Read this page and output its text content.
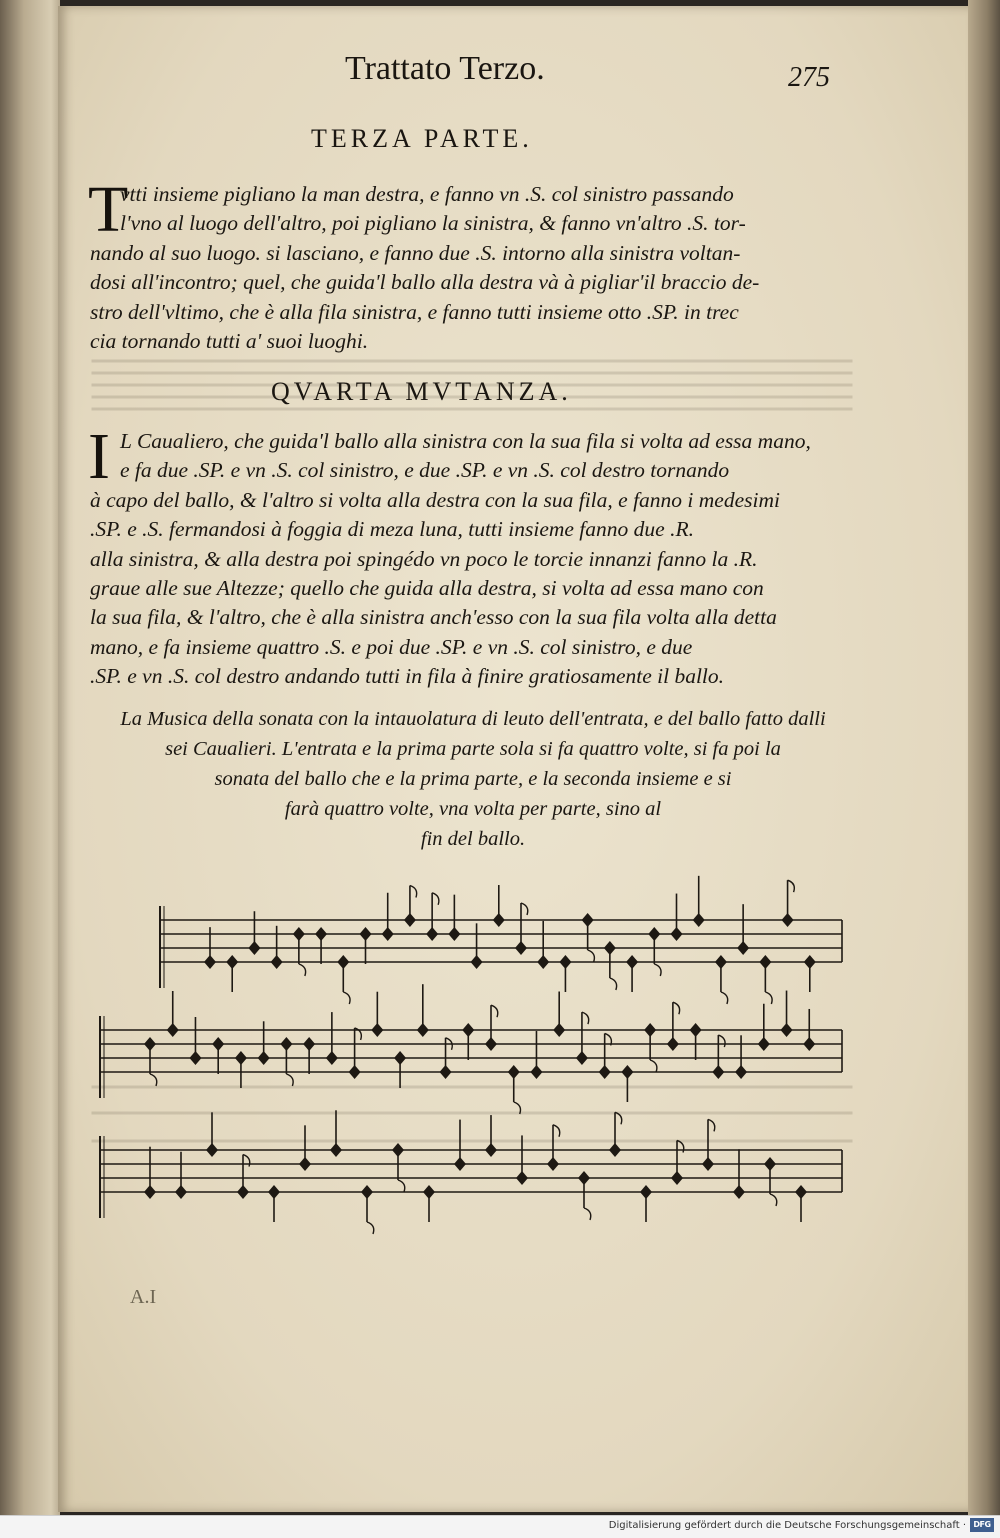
Trattato Terzo.	275
TERZA PARTE.
T
vtti insieme pigliano la man destra, e fanno vn .S. col sinistro passando
l'vno al luogo dell'altro, poi pigliano la sinistra, & fanno vn'altro .S. tor-
nando al suo luogo. si lasciano, e fanno due .S. intorno alla sinistra voltan-
dosi all'incontro; quel, che guida'l ballo alla destra và à pigliar'il braccio de-
stro dell'vltimo, che è alla fila sinistra, e fanno tutti insieme otto .SP. in trec
cia tornando tutti a' suoi luoghi.
QVARTA MVTANZA.
I L Caualiero, che guida'l ballo alla sinistra con la sua fila si volta ad essa mano,
e fa due .SP. e vn .S. col sinistro, e due .SP. e vn .S. col destro tornando
à capo del ballo, & l'altro si volta alla destra con la sua fila, e fanno i medesimi
.SP. e .S. fermandosi à foggia di meza luna, tutti insieme fanno due .R.
alla sinistra, & alla destra poi spingédo vn poco le torcie innanzi fanno la .R.
graue alle sue Altezze; quello che guida alla destra, si volta ad essa mano con
la sua fila, & l'altro, che è alla sinistra anch'esso con la sua fila volta alla detta
mano, e fa insieme quattro .S. e poi due .SP. e vn .S. col sinistro, e due
.SP. e vn .S. col destro andando tutti in fila à finire gratiosamente il ballo.
La Musica della sonata con la intauolatura di leuto dell'entrata, e del ballo fatto dalli
sei Caualieri. L'entrata e la prima parte sola si fa quattro volte, si fa poi la
sonata del ballo che e la prima parte, e la seconda insieme e si
farà quattro volte, vna volta per parte, sino al
fin del ballo.
A.I
Digitalisierung gefördert durch die Deutsche Forschungsgemeinschaft · DFG
